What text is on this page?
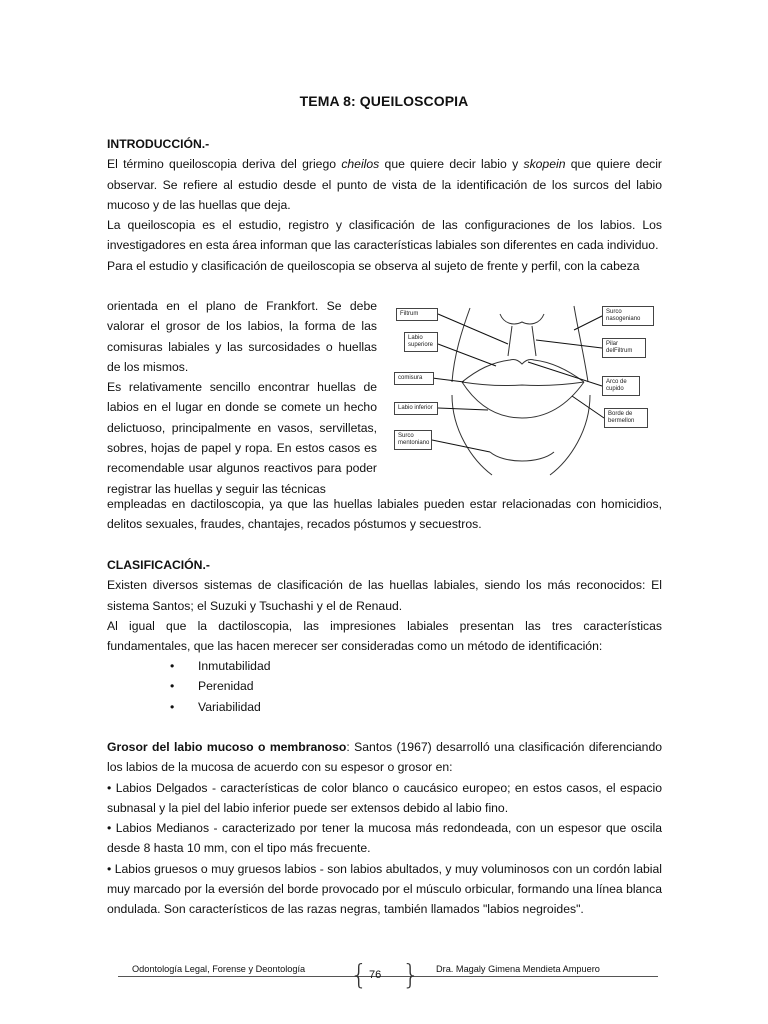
TEMA 8: QUEILOSCOPIA
INTRODUCCIÓN.-
El término queiloscopia deriva del griego cheilos que quiere decir labio y skopein que quiere decir observar. Se refiere al estudio desde el punto de vista de la identificación de los surcos del labio mucoso y de las huellas que deja.
La queiloscopia es el estudio, registro y clasificación de las configuraciones de los labios. Los investigadores en esta área informan que las características labiales son diferentes en cada individuo.
Para el estudio y clasificación de queiloscopia se observa al sujeto de frente y perfil, con la cabeza
orientada en el plano de Frankfort. Se debe valorar el grosor de los labios, la forma de las comisuras labiales y las surcosidades o huellas de los mismos.
Es relativamente sencillo encontrar huellas de labios en el lugar en donde se comete un hecho delictuoso, principalmente en vasos, servilletas, sobres, hojas de papel y ropa. En estos casos es recomendable usar algunos reactivos para poder registrar las huellas y seguir las técnicas
empleadas en dactiloscopia, ya que las huellas labiales pueden estar relacionadas con homicidios, delitos sexuales, fraudes, chantajes, recados póstumos y secuestros.
Filtrum
Labio superiore
comisura
Labio inferior
Surco mentoniano
Surco nasogeniano
Pilar delFiltrum
Arco de cupido
Borde de bermellon
CLASIFICACIÓN.-
Existen diversos sistemas de clasificación de las huellas labiales, siendo los más reconocidos: El sistema Santos; el Suzuki y Tsuchashi y el de Renaud.
Al igual que la dactiloscopia, las impresiones labiales presentan las tres características fundamentales, que las hacen merecer ser consideradas como un método de identificación:
•	Inmutabilidad
•	Perenidad
•	Variabilidad
Grosor del labio mucoso o membranoso: Santos (1967) desarrolló una clasificación diferenciando los labios de la mucosa de acuerdo con su espesor o grosor en:
• Labios Delgados - características de color blanco o caucásico europeo; en estos casos, el espacio subnasal y la piel del labio inferior puede ser extensos debido al labio fino.
• Labios Medianos - caracterizado por tener la mucosa más redondeada, con un espesor que oscila desde 8 hasta 10 mm, con el tipo más frecuente.
• Labios gruesos o muy gruesos labios - son labios abultados, y muy voluminosos con un cordón labial muy marcado por la eversión del borde provocado por el músculo orbicular, formando una línea blanca ondulada. Son característicos de las razas negras, también llamados "labios negroides".
Odontología Legal, Forense y Deontología { 76 } Dra. Magaly Gimena Mendieta Ampuero
